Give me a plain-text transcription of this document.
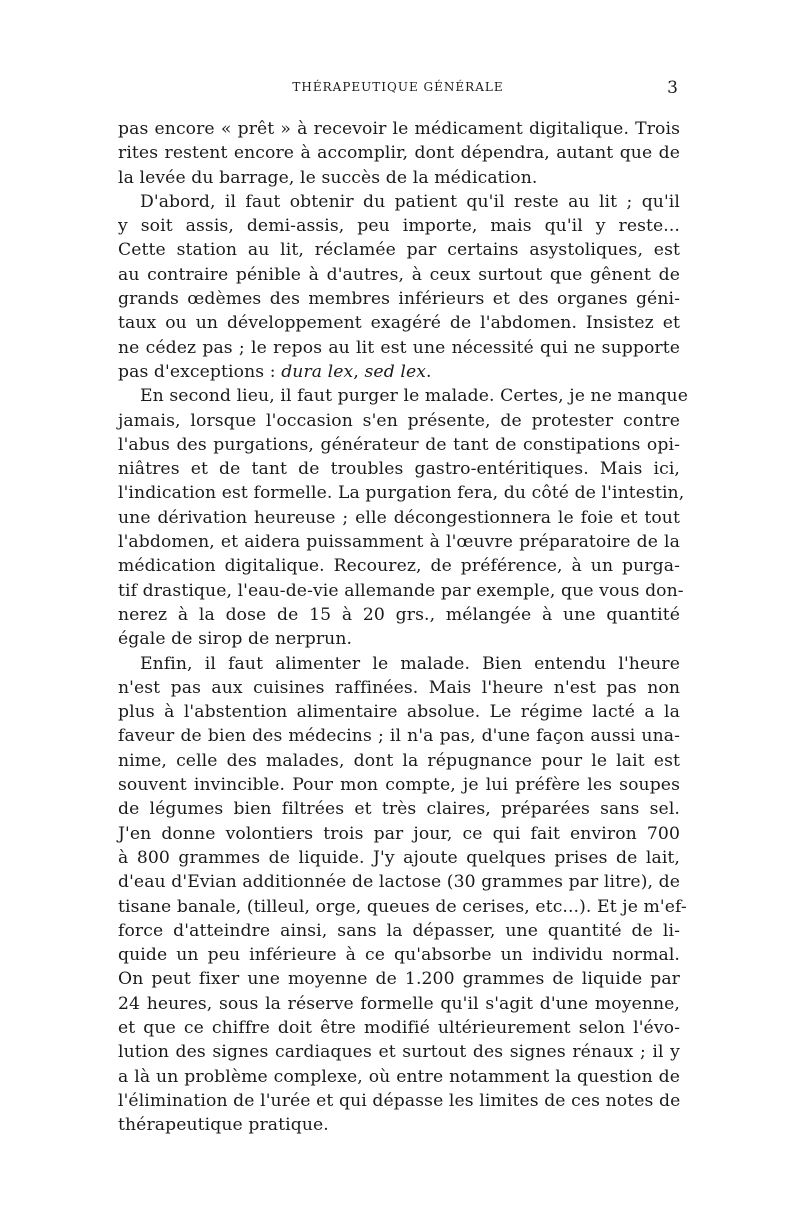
THÉRAPEUTIQUE GÉNÉRALE	3
pas encore « prêt » à recevoir le médicament digitalique. Trois
rites restent encore à accomplir, dont dépendra, autant que de
la levée du barrage, le succès de la médication.
D'abord, il faut obtenir du patient qu'il reste au lit ; qu'il
y soit assis, demi-assis, peu importe, mais qu'il y reste...
Cette station au lit, réclamée par certains asystoliques, est
au contraire pénible à d'autres, à ceux surtout que gênent de
grands œdèmes des membres inférieurs et des organes géni-
taux ou un développement exagéré de l'abdomen. Insistez et
ne cédez pas ; le repos au lit est une nécessité qui ne supporte
pas d'exceptions : dura lex, sed lex.
En second lieu, il faut purger le malade. Certes, je ne manque
jamais, lorsque l'occasion s'en présente, de protester contre
l'abus des purgations, générateur de tant de constipations opi-
niâtres et de tant de troubles gastro-entéritiques. Mais ici,
l'indication est formelle. La purgation fera, du côté de l'intestin,
une dérivation heureuse ; elle décongestionnera le foie et tout
l'abdomen, et aidera puissamment à l'œuvre préparatoire de la
médication digitalique. Recourez, de préférence, à un purga-
tif drastique, l'eau-de-vie allemande par exemple, que vous don-
nerez à la dose de 15 à 20 grs., mélangée à une quantité
égale de sirop de nerprun.
Enfin, il faut alimenter le malade. Bien entendu l'heure
n'est pas aux cuisines raffinées. Mais l'heure n'est pas non
plus à l'abstention alimentaire absolue. Le régime lacté a la
faveur de bien des médecins ; il n'a pas, d'une façon aussi una-
nime, celle des malades, dont la répugnance pour le lait est
souvent invincible. Pour mon compte, je lui préfère les soupes
de légumes bien filtrées et très claires, préparées sans sel.
J'en donne volontiers trois par jour, ce qui fait environ 700
à 800 grammes de liquide. J'y ajoute quelques prises de lait,
d'eau d'Evian additionnée de lactose (30 grammes par litre), de
tisane banale, (tilleul, orge, queues de cerises, etc...). Et je m'ef-
force d'atteindre ainsi, sans la dépasser, une quantité de li-
quide un peu inférieure à ce qu'absorbe un individu normal.
On peut fixer une moyenne de 1.200 grammes de liquide par
24 heures, sous la réserve formelle qu'il s'agit d'une moyenne,
et que ce chiffre doit être modifié ultérieurement selon l'évo-
lution des signes cardiaques et surtout des signes rénaux ; il y
a là un problème complexe, où entre notamment la question de
l'élimination de l'urée et qui dépasse les limites de ces notes de
thérapeutique pratique.
